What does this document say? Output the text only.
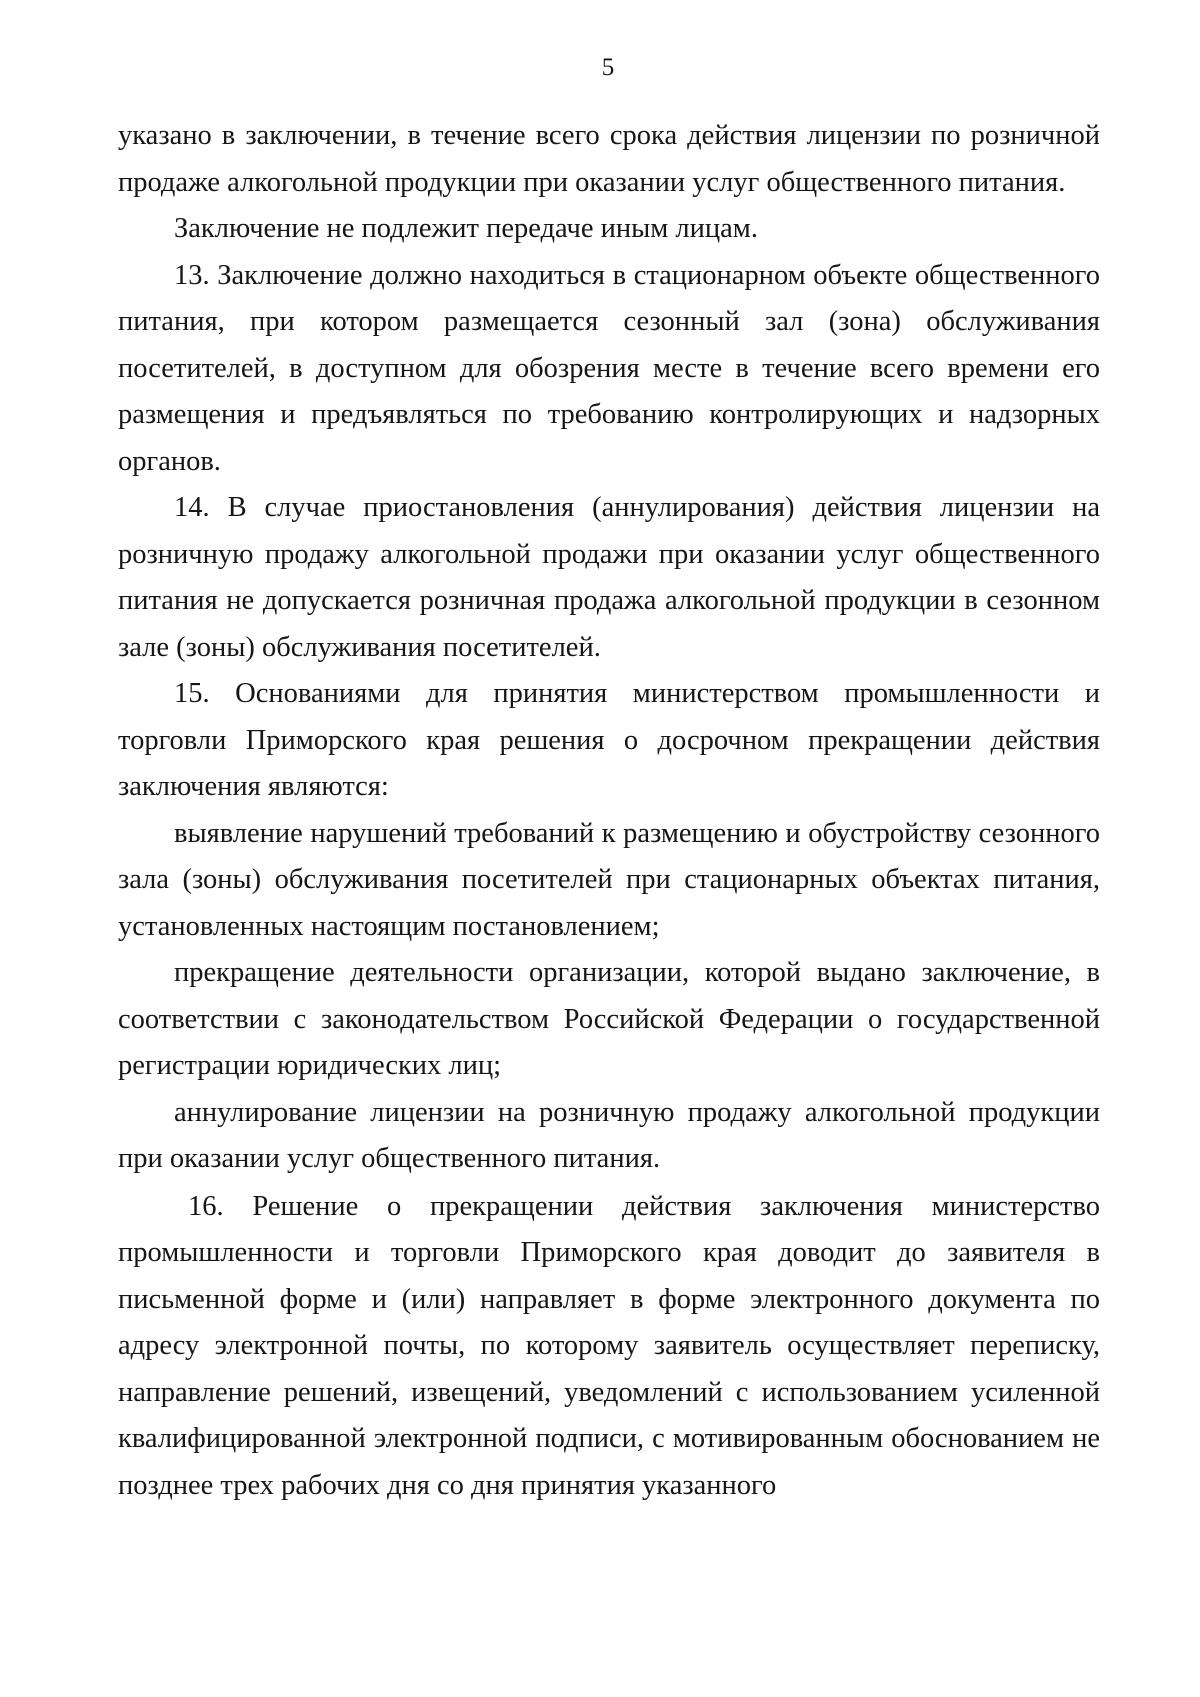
5

указано в заключении, в течение всего срока действия лицензии по розничной продаже алкогольной продукции при оказании услуг общественного питания.

Заключение не подлежит передаче иным лицам.

13. Заключение должно находиться в стационарном объекте общественного питания, при котором размещается сезонный зал (зона) обслуживания посетителей, в доступном для обозрения месте в течение всего времени его размещения и предъявляться по требованию контролирующих и надзорных органов.

14. В случае приостановления (аннулирования) действия лицензии на розничную продажу алкогольной продажи при оказании услуг общественного питания не допускается розничная продажа алкогольной продукции в сезонном зале (зоны) обслуживания посетителей.

15. Основаниями для принятия министерством промышленности и торговли Приморского края решения о досрочном прекращении действия заключения являются:

выявление нарушений требований к размещению и обустройству сезонного зала (зоны) обслуживания посетителей при стационарных объектах питания, установленных настоящим постановлением;

прекращение деятельности организации, которой выдано заключение, в соответствии с законодательством Российской Федерации о государственной регистрации юридических лиц;

аннулирование лицензии на розничную продажу алкогольной продукции при оказании услуг общественного питания.

16. Решение о прекращении действия заключения министерство промышленности и торговли Приморского края доводит до заявителя в письменной форме и (или) направляет в форме электронного документа по адресу электронной почты, по которому заявитель осуществляет переписку, направление решений, извещений, уведомлений с использованием усиленной квалифицированной электронной подписи, с мотивированным обоснованием не позднее трех рабочих дня со дня принятия указанного
